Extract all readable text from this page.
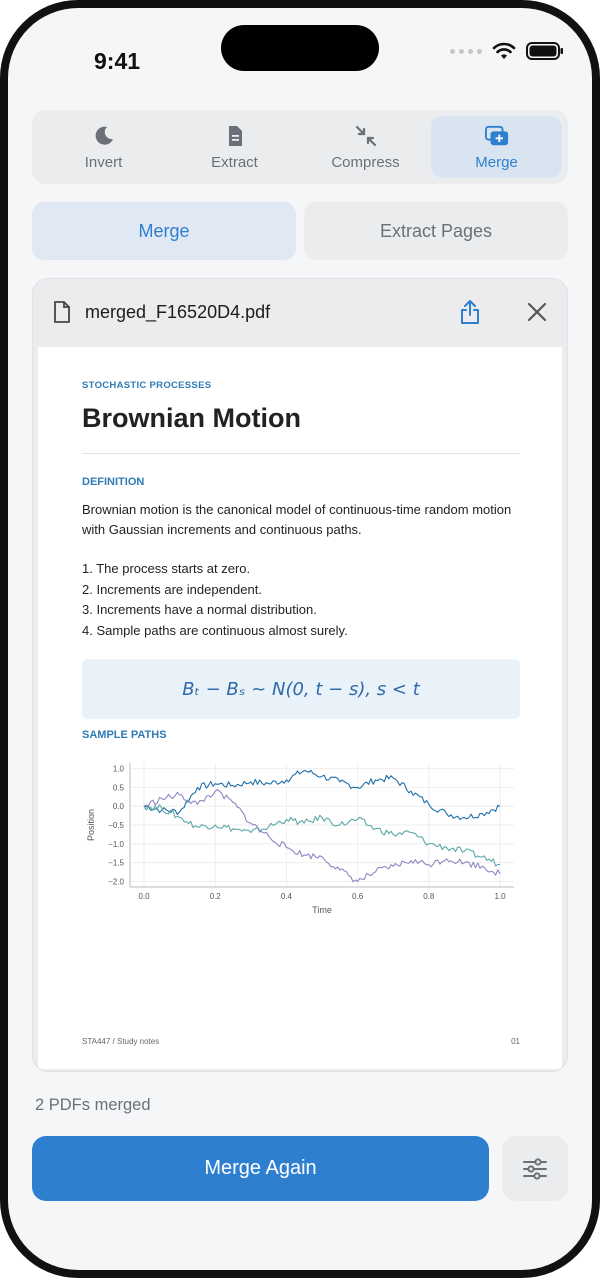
9:41
Invert	Extract	Compress	Merge
Merge	Extract Pages
merged_F16520D4.pdf
STOCHASTIC PROCESSES
Brownian Motion
DEFINITION
Brownian motion is the canonical model of continuous-time random motion with Gaussian increments and continuous paths.
1. The process starts at zero.
2. Increments are independent.
3. Increments have a normal distribution.
4. Sample paths are continuous almost surely.
Bₜ − Bₛ ~ N(0, t − s), s < t
SAMPLE PATHS
1.0
0.5
0.0
−0.5
−1.0
−1.5
−2.0
0.0	0.2	0.4	0.6	0.8	1.0
Time
Position
STA447 / Study notes	01
2 PDFs merged
Merge Again
